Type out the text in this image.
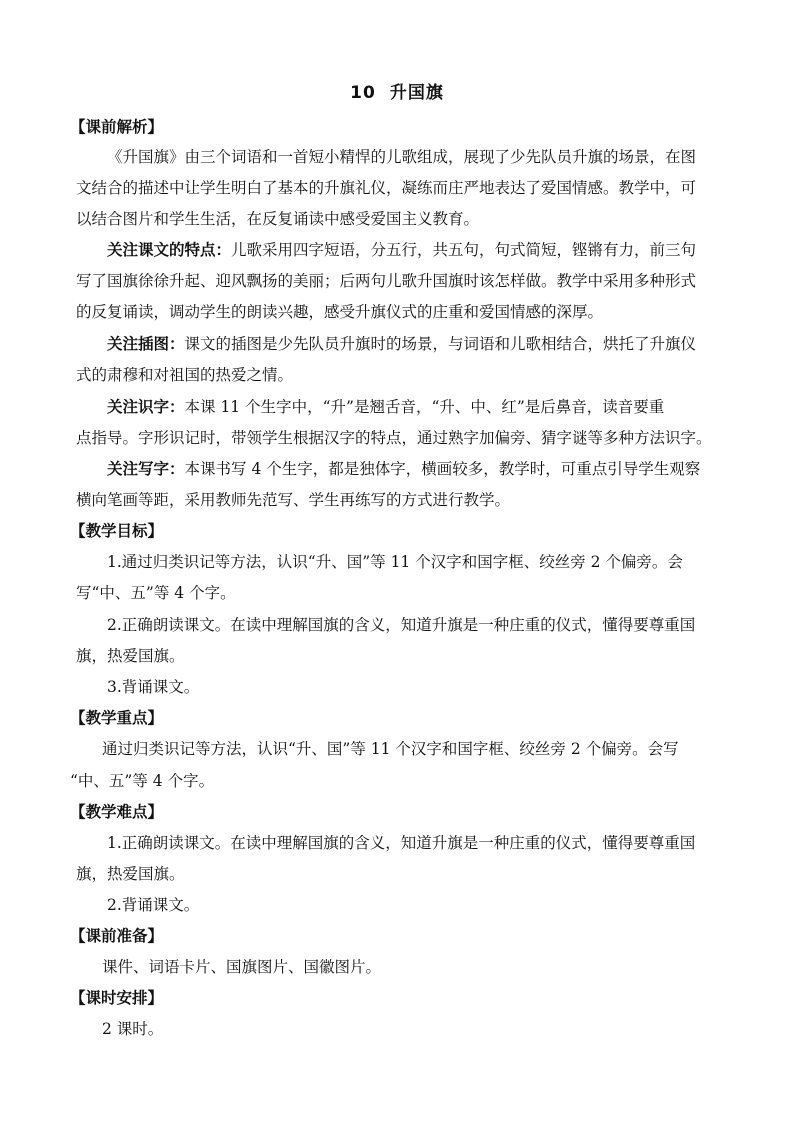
10 升国旗
【课前解析】
《升国旗》由三个词语和一首短小精悍的儿歌组成，展现了少先队员升旗的场景，在图
文结合的描述中让学生明白了基本的升旗礼仪，凝练而庄严地表达了爱国情感。教学中，可
以结合图片和学生生活，在反复诵读中感受爱国主义教育。
关注课文的特点：儿歌采用四字短语，分五行，共五句，句式简短，铿锵有力，前三句
写了国旗徐徐升起、迎风飘扬的美丽；后两句儿歌升国旗时该怎样做。教学中采用多种形式
的反复诵读，调动学生的朗读兴趣，感受升旗仪式的庄重和爱国情感的深厚。
关注插图：课文的插图是少先队员升旗时的场景，与词语和儿歌相结合，烘托了升旗仪
式的肃穆和对祖国的热爱之情。
关注识字：本课 11 个生字中，“升”是翘舌音，“升、中、红”是后鼻音，读音要重
点指导。字形识记时，带领学生根据汉字的特点，通过熟字加偏旁、猜字谜等多种方法识字。
关注写字：本课书写 4 个生字，都是独体字，横画较多，教学时，可重点引导学生观察
横向笔画等距，采用教师先范写、学生再练写的方式进行教学。
【教学目标】
1.通过归类识记等方法，认识“升、国”等 11 个汉字和国字框、绞丝旁 2 个偏旁。会
写“中、五”等 4 个字。
2.正确朗读课文。在读中理解国旗的含义，知道升旗是一种庄重的仪式，懂得要尊重国
旗，热爱国旗。
3.背诵课文。
【教学重点】
通过归类识记等方法，认识“升、国”等 11 个汉字和国字框、绞丝旁 2 个偏旁。会写
“中、五”等 4 个字。
【教学难点】
1.正确朗读课文。在读中理解国旗的含义，知道升旗是一种庄重的仪式，懂得要尊重国
旗，热爱国旗。
2.背诵课文。
【课前准备】
课件、词语卡片、国旗图片、国徽图片。
【课时安排】
2 课时。
